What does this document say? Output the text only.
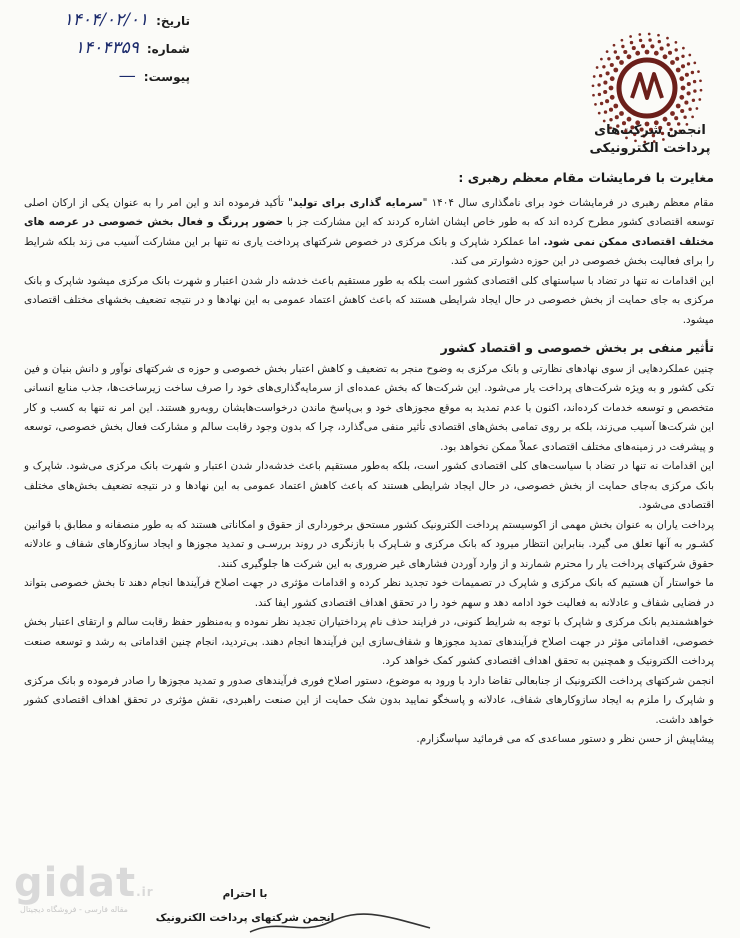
تاریخ:
۱۴۰۴/۰۲/۰۱
شماره:
۱۴۰۴۳۵۹
پیوست:
—
انجمن شرکت‌های
پرداخت الکترونیکی
مغایرت با فرمایشات مقام معظم رهبری :

مقام معظم رهبری در فرمایشات خود برای نامگذاری سال ۱۴۰۴ "سرمایه گذاری برای تولید" تأکید فرموده اند و این امر را به عنوان یکی از ارکان اصلی توسعه اقتصادی کشور مطرح کرده اند که به طور خاص ایشان اشاره کردند که این مشارکت جز با حضور پررنگ و فعال بخش خصوصی در عرصه های مختلف اقتصادی ممکن نمی شود. اما عملکرد شاپرک و بانک مرکزی در خصوص شرکتهای پرداخت یاری نه تنها بر این مشارکت آسیب می زند بلکه شرایط را برای فعالیت بخش خصوصی در این حوزه دشوارتر می کند.

این اقدامات نه تنها در تضاد با سیاستهای کلی اقتصادی کشور است بلکه به طور مستقیم باعث خدشه دار شدن اعتبار و شهرت بانک مرکزی میشود شاپرک و بانک مرکزی به جای حمایت از بخش خصوصی در حال ایجاد شرایطی هستند که باعث کاهش اعتماد عمومی به این نهادها و در نتیجه تضعیف بخشهای مختلف اقتصادی میشود.

تأثیر منفی بر بخش خصوصی و اقتصاد کشور

چنین عملکردهایی از سوی نهادهای نظارتی و بانک مرکزی به وضوح منجر به تضعیف و کاهش اعتبار بخش خصوصی و حوزه ی شرکتهای نوآور و دانش بنیان و فین تکی کشور و به ویژه شرکت‌های پرداخت یار می‌شود. این شرکت‌ها که بخش عمده‌ای از سرمایه‌گذاری‌های خود را صرف ساخت زیرساخت‌ها، جذب منابع انسانی متخصص و توسعه خدمات کرده‌اند، اکنون با عدم تمدید به موقع مجوزهای خود و بی‌پاسخ ماندن درخواست‌هایشان روبه‌رو هستند. این امر نه تنها به کسب و کار این شرکت‌ها آسیب می‌زند، بلکه بر روی تمامی بخش‌های اقتصادی تأثیر منفی می‌گذارد، چرا که بدون وجود رقابت سالم و مشارکت فعال بخش خصوصی، توسعه و پیشرفت در زمینه‌های مختلف اقتصادی عملاً ممکن نخواهد بود.

این اقدامات نه تنها در تضاد با سیاست‌های کلی اقتصادی کشور است، بلکه به‌طور مستقیم باعث خدشه‌دار شدن اعتبار و شهرت بانک مرکزی می‌شود. شاپرک و بانک مرکزی به‌جای حمایت از بخش خصوصی، در حال ایجاد شرایطی هستند که باعث کاهش اعتماد عمومی به این نهادها و در نتیجه تضعیف بخش‌های مختلف اقتصادی می‌شود.

پرداخت یاران به عنوان بخش مهمی از اکوسیستم پرداخت الکترونیک کشور مستحق برخورداری از حقوق و امکاناتی هستند که به طور منصفانه و مطابق با قوانین کشـور به آنها تعلق می گیرد. بنابراین انتظار میرود که بانک مرکزی و شـاپرک با بازنگری در روند بررسـی و تمدید مجوزها و ایجاد سازوکارهای شفاف و عادلانه حقوق شرکتهای پرداخت یار را محترم شمارند و از وارد آوردن فشارهای غیر ضروری به این شرکت ها جلوگیری کنند.

ما خواستار آن هستیم که بانک مرکزی و شاپرک در تصمیمات خود تجدید نظر کرده و اقدامات مؤثری در جهت اصلاح فرآیندها انجام دهند تا بخش خصوصی بتواند در فضایی شفاف و عادلانه به فعالیت خود ادامه دهد و سهم خود را در تحقق اهداف اقتصادی کشور ایفا کند.

خواهشمندیم بانک مرکزی و شاپرک با توجه به شرایط کنونی، در فرایند حذف نام پرداختیاران تجدید نظر نموده و به‌منظور حفظ رقابت سالم و ارتقای اعتبار بخش خصوصی، اقداماتی مؤثر در جهت اصلاح فرآیندهای تمدید مجوزها و شفاف‌سازی این فرآیندها انجام دهند. بی‌تردید، انجام چنین اقداماتی به رشد و توسعه صنعت پرداخت الکترونیک و همچنین به تحقق اهداف اقتصادی کشور کمک خواهد کرد.

انجمن شرکتهای پرداخت الکترونیک از جنابعالی تقاضا دارد با ورود به موضوع، دستور اصلاح فوری فرآیندهای صدور و تمدید مجوزها را صادر فرموده و بانک مرکزی و شاپرک را ملزم به ایجاد سازوکارهای شفاف، عادلانه و پاسخگو نمایید بدون شک حمایت از این صنعت راهبردی، نقش مؤثری در تحقق اهداف اقتصادی کشور خواهد داشت.

پیشاپیش از حسن نظر و دستور مساعدی که می فرمائید سپاسگزارم.

با احترام
انجمن شرکتهای پرداخت الکترونیک
gidat.ir
مقاله فارسی - فروشگاه دیجیتال
